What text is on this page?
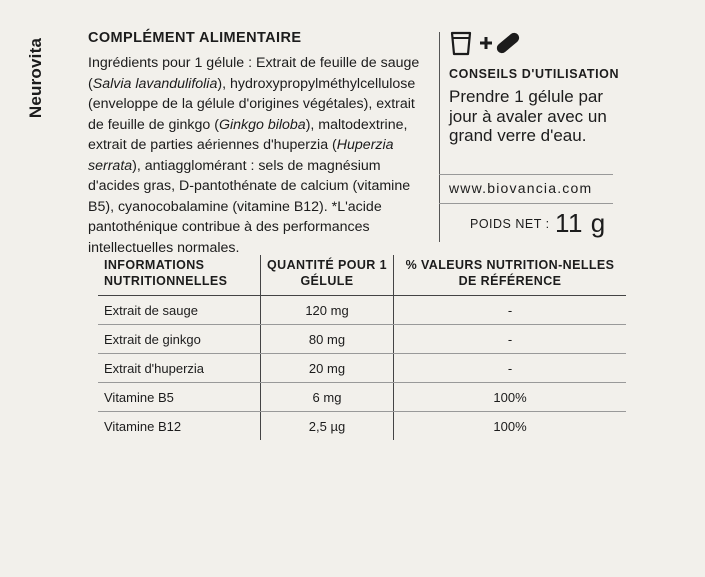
Neurovita	COMPLÉMENT ALIMENTAIRE
Ingrédients pour 1 gélule : Extrait de feuille de sauge (Salvia lavandulifolia), hydroxypropylméthylcellulose (enveloppe de la gélule d'origines végétales), extrait de feuille de ginkgo (Ginkgo biloba), maltodextrine, extrait de parties aériennes d'huperzia (Huperzia serrata), antiagglomérant : sels de magnésium d'acides gras, D-pantothénate de calcium (vitamine B5), cyanocobalamine (vitamine B12). *L'acide pantothénique contribue à des performances intellectuelles normales.
CONSEILS D'UTILISATION
Prendre 1 gélule par jour à avaler avec un grand verre d'eau.
www.biovancia.com
POIDS NET : 11 g
INFORMATIONS NUTRITIONNELLES	QUANTITÉ POUR 1 GÉLULE	% VALEURS NUTRITION-NELLES DE RÉFÉRENCE
Extrait de sauge	120 mg	-
Extrait de ginkgo	80 mg	-
Extrait d'huperzia	20 mg	-
Vitamine B5	6 mg	100%
Vitamine B12	2,5 µg	100%
